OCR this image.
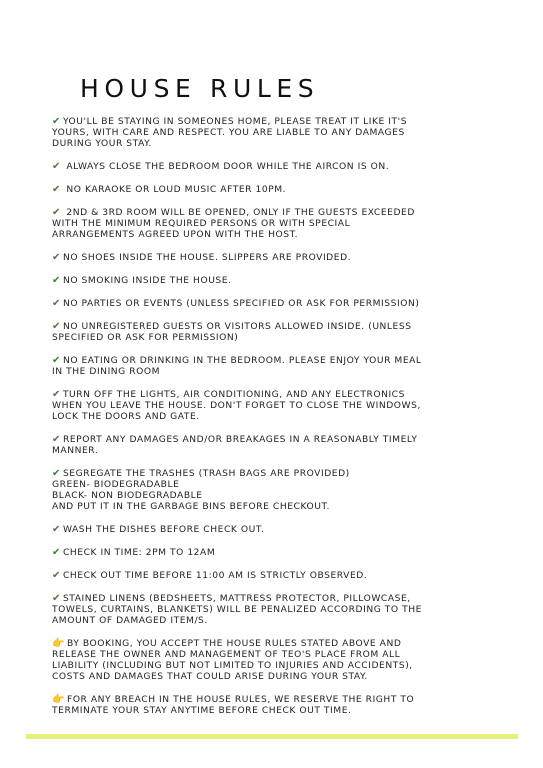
HOUSE RULES
✔ YOU'LL BE STAYING IN SOMEONES HOME, PLEASE TREAT IT LIKE IT'S
YOURS, WITH CARE AND RESPECT. YOU ARE LIABLE TO ANY DAMAGES
DURING YOUR STAY.
✔ ALWAYS CLOSE THE BEDROOM DOOR WHILE THE AIRCON IS ON.
✔ NO KARAOKE OR LOUD MUSIC AFTER 10PM.
✔ 2ND & 3RD ROOM WILL BE OPENED, ONLY IF THE GUESTS EXCEEDED
WITH THE MINIMUM REQUIRED PERSONS OR WITH SPECIAL
ARRANGEMENTS AGREED UPON WITH THE HOST.
✔ NO SHOES INSIDE THE HOUSE. SLIPPERS ARE PROVIDED.
✔ NO SMOKING INSIDE THE HOUSE.
✔ NO PARTIES OR EVENTS (UNLESS SPECIFIED OR ASK FOR PERMISSION)
✔ NO UNREGISTERED GUESTS OR VISITORS ALLOWED INSIDE. (UNLESS
SPECIFIED OR ASK FOR PERMISSION)
✔ NO EATING OR DRINKING IN THE BEDROOM. PLEASE ENJOY YOUR MEAL
IN THE DINING ROOM
✔ TURN OFF THE LIGHTS, AIR CONDITIONING, AND ANY ELECTRONICS
WHEN YOU LEAVE THE HOUSE. DON'T FORGET TO CLOSE THE WINDOWS,
LOCK THE DOORS AND GATE.
✔ REPORT ANY DAMAGES AND/OR BREAKAGES IN A REASONABLY TIMELY
MANNER.
✔ SEGREGATE THE TRASHES (TRASH BAGS ARE PROVIDED)
GREEN- BIODEGRADABLE
BLACK- NON BIODEGRADABLE
AND PUT IT IN THE GARBAGE BINS BEFORE CHECKOUT.
✔ WASH THE DISHES BEFORE CHECK OUT.
✔ CHECK IN TIME: 2PM TO 12AM
✔ CHECK OUT TIME BEFORE 11:00 AM IS STRICTLY OBSERVED.
✔ STAINED LINENS (BEDSHEETS, MATTRESS PROTECTOR, PILLOWCASE,
TOWELS, CURTAINS, BLANKETS) WILL BE PENALIZED ACCORDING TO THE
AMOUNT OF DAMAGED ITEM/S.
👉 BY BOOKING, YOU ACCEPT THE HOUSE RULES STATED ABOVE AND
RELEASE THE OWNER AND MANAGEMENT OF TEO'S PLACE FROM ALL
LIABILITY (INCLUDING BUT NOT LIMITED TO INJURIES AND ACCIDENTS),
COSTS AND DAMAGES THAT COULD ARISE DURING YOUR STAY.
👉 FOR ANY BREACH IN THE HOUSE RULES, WE RESERVE THE RIGHT TO
TERMINATE YOUR STAY ANYTIME BEFORE CHECK OUT TIME.
